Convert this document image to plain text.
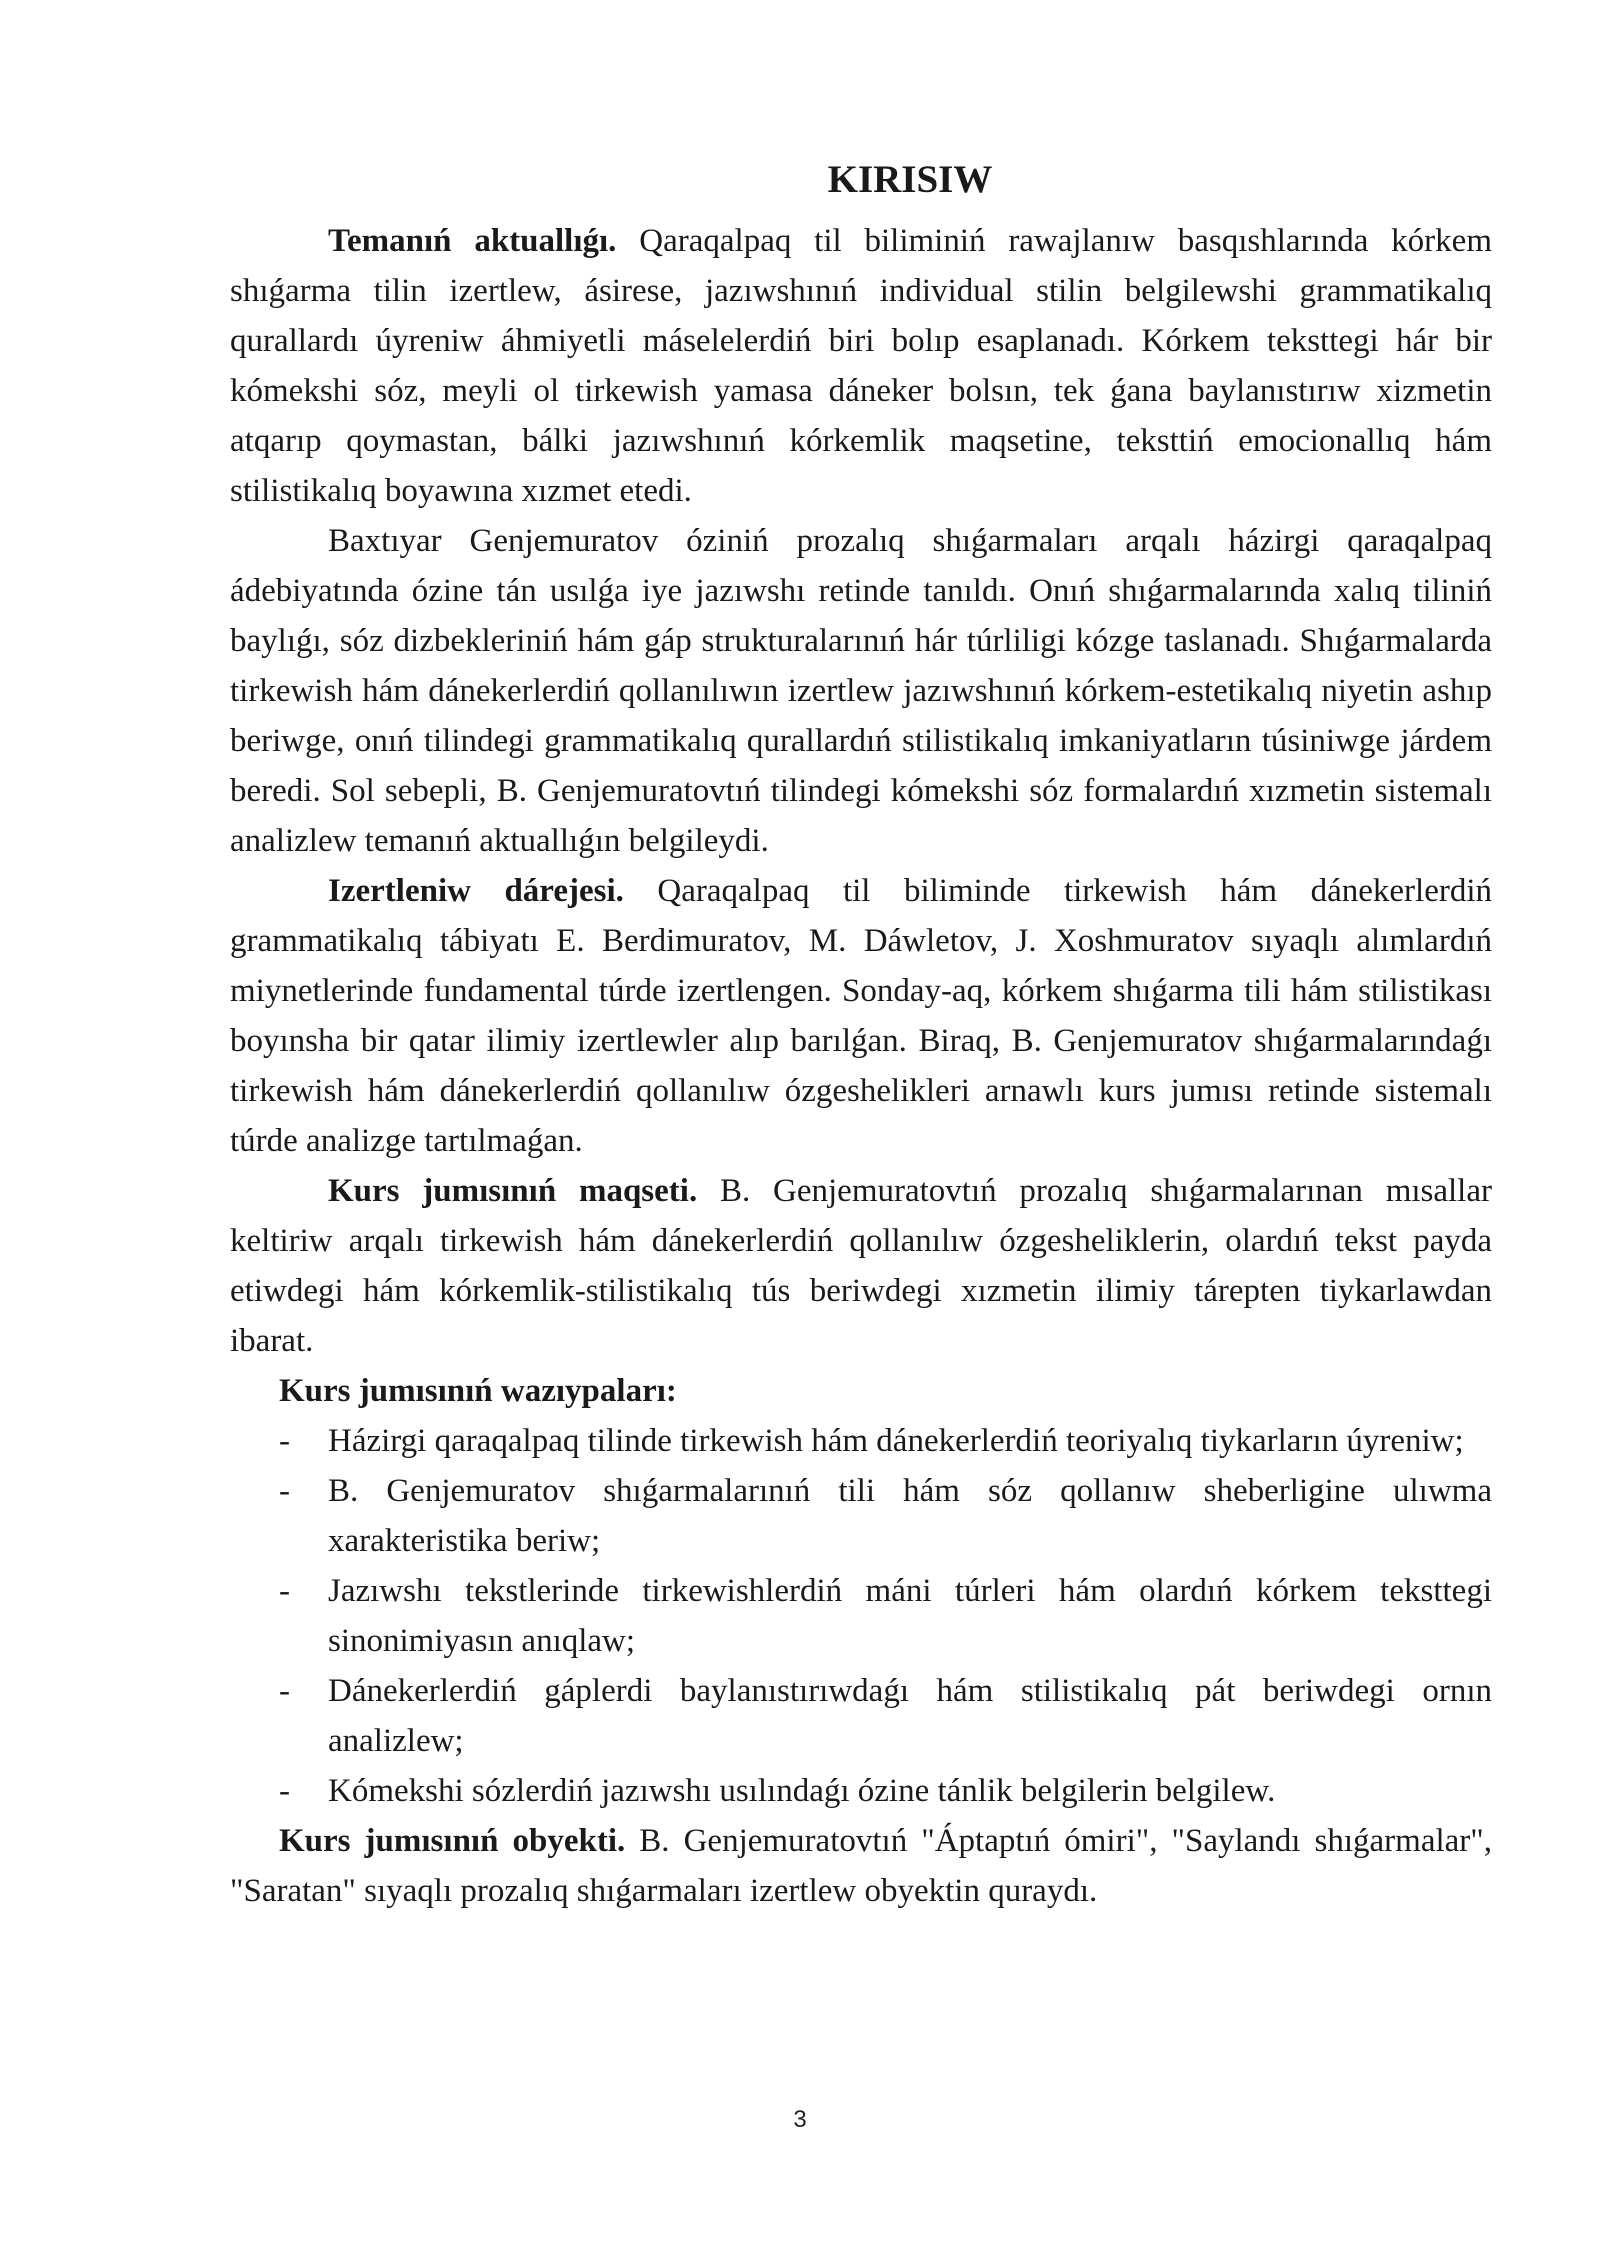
KIRISIW

Temanıń aktuallıǵı. Qaraqalpaq til biliminiń rawajlanıw basqıshlarında kórkem shıǵarma tilin izertlew, ásirese, jazıwshınıń individual stilin belgilewshi grammatikalıq qurallardı úyreniw áhmiyetli máselelerdiń biri bolıp esaplanadı. Kórkem teksttegi hár bir kómekshi sóz, meyli ol tirkewish yamasa dáneker bolsın, tek ǵana baylanıstırıw xizmetin atqarıp qoymastan, bálki jazıwshınıń kórkemlik maqsetine, teksttiń emocionallıq hám stilistikalıq boyawına xızmet etedi.

Baxtıyar Genjemuratov óziniń prozalıq shıǵarmaları arqalı házirgi qaraqalpaq ádebiyatında ózine tán usılǵa iye jazıwshı retinde tanıldı. Onıń shıǵarmalarında xalıq tiliniń baylıǵı, sóz dizbekleriniń hám gáp strukturalarınıń hár túrliligi kózge taslanadı. Shıǵarmalarda tirkewish hám dánekerlerdiń qollanılıwın izertlew jazıwshınıń kórkem-estetikalıq niyetin ashıp beriwge, onıń tilindegi grammatikalıq qurallardıń stilistikalıq imkaniyatların túsiniwge járdem beredi. Sol sebepli, B. Genjemuratovtıń tilindegi kómekshi sóz formalardıń xızmetin sistemalı analizlew temanıń aktuallıǵın belgileydi.

Izertleniw dárejesi. Qaraqalpaq til biliminde tirkewish hám dánekerlerdiń grammatikalıq tábiyatı E. Berdimuratov, M. Dáwletov, J. Xoshmuratov sıyaqlı alımlardıń miynetlerinde fundamental túrde izertlengen. Sonday-aq, kórkem shıǵarma tili hám stilistikası boyınsha bir qatar ilimiy izertlewler alıp barılǵan. Biraq, B. Genjemuratov shıǵarmalarındaǵı tirkewish hám dánekerlerdiń qollanılıw ózgeshelikleri arnawlı kurs jumısı retinde sistemalı túrde analizge tartılmaǵan.

Kurs jumısınıń maqseti. B. Genjemuratovtıń prozalıq shıǵarmalarınan mısallar keltiriw arqalı tirkewish hám dánekerlerdiń qollanılıw ózgesheliklerin, olardıń tekst payda etiwdegi hám kórkemlik-stilistikalıq tús beriwdegi xızmetin ilimiy tárepten tiykarlawdan ibarat.

Kurs jumısınıń wazıypaları:

- Házirgi qaraqalpaq tilinde tirkewish hám dánekerlerdiń teoriyalıq tiykarların úyreniw;
- B. Genjemuratov shıǵarmalarınıń tili hám sóz qollanıw sheberligine ulıwma xarakteristika beriw;
- Jazıwshı tekstlerinde tirkewishlerdiń máni túrleri hám olardıń kórkem teksttegi sinonimiyasın anıqlaw;
- Dánekerlerdiń gáplerdi baylanıstırıwdaǵı hám stilistikalıq pát beriwdegi ornın analizlew;
- Kómekshi sózlerdiń jazıwshı usılındaǵı ózine tánlik belgilerin belgilew.

Kurs jumısınıń obyekti. B. Genjemuratovtıń "Áptaptıń ómiri", "Saylandı shıǵarmalar", "Saratan" sıyaqlı prozalıq shıǵarmaları izertlew obyektin quraydı.

3
